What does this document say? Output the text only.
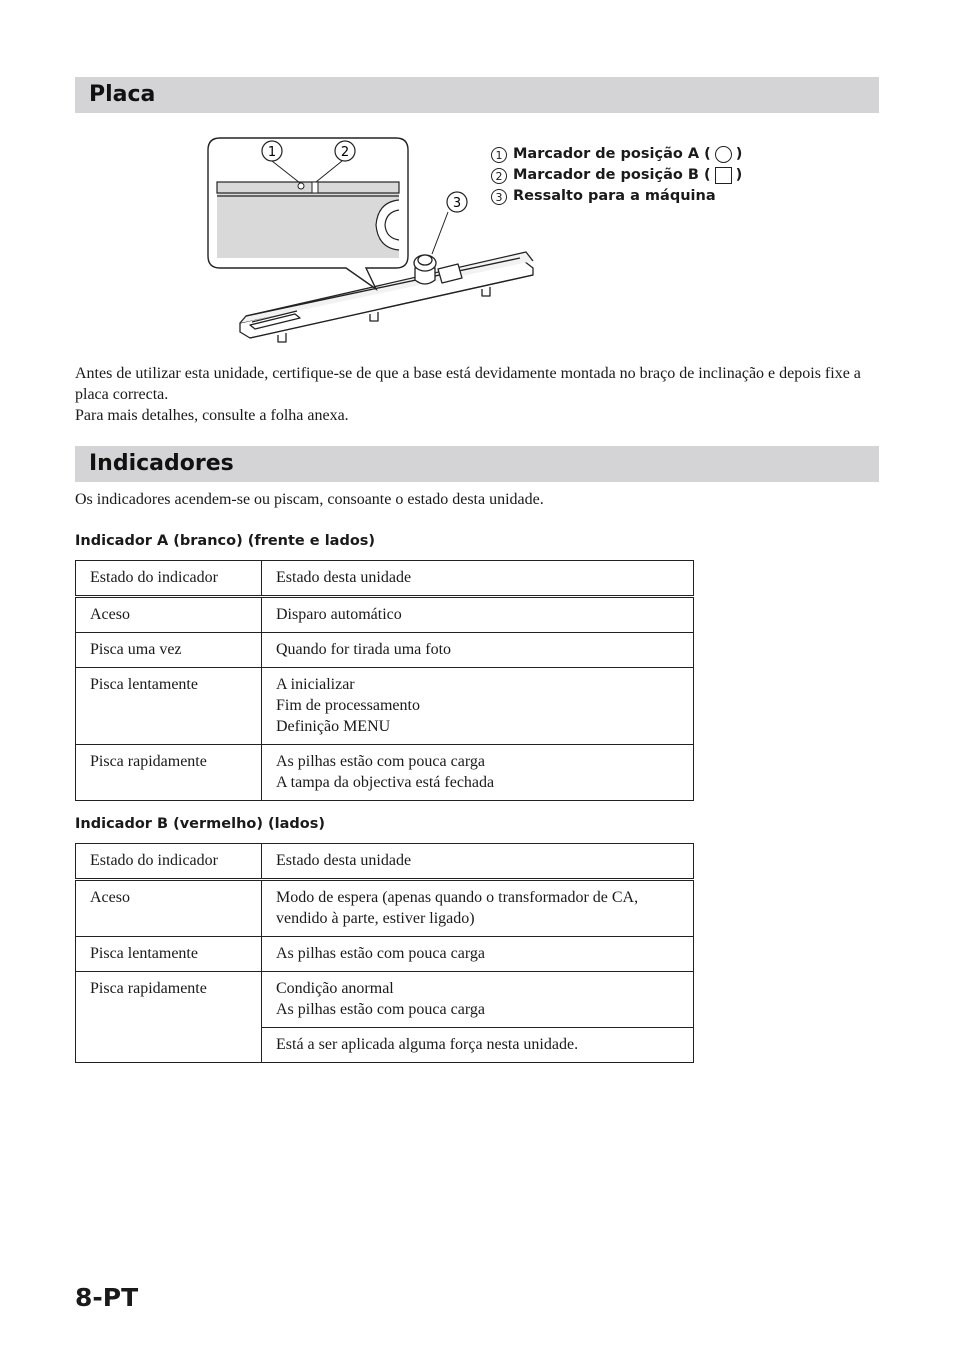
Placa
1	2
3
1 Marcador de posição A ( )
2 Marcador de posição B ( )
3 Ressalto para a máquina

Antes de utilizar esta unidade, certifique-se de que a base está devidamente montada no braço de inclinação e depois fixe a placa correcta.

Para mais detalhes, consulte a folha anexa.

Indicadores

Os indicadores acendem-se ou piscam, consoante o estado desta unidade.

Indicador A (branco) (frente e lados)

Estado do indicador	Estado desta unidade
Aceso	Disparo automático

Pisca uma vez	Quando for tirada uma foto

Pisca lentamente	A inicializar
Fim de processamento
Definição MENU

Pisca rapidamente	As pilhas estão com pouca carga
A tampa da objectiva está fechada

Indicador B (vermelho) (lados)

Estado do indicador	Estado desta unidade
Aceso	Modo de espera (apenas quando o transformador de CA, vendido à parte, estiver ligado)

Pisca lentamente	As pilhas estão com pouca carga

Pisca rapidamente	Condição anormal
As pilhas estão com pouca carga

	Está a ser aplicada alguma força nesta unidade.

8-PT
